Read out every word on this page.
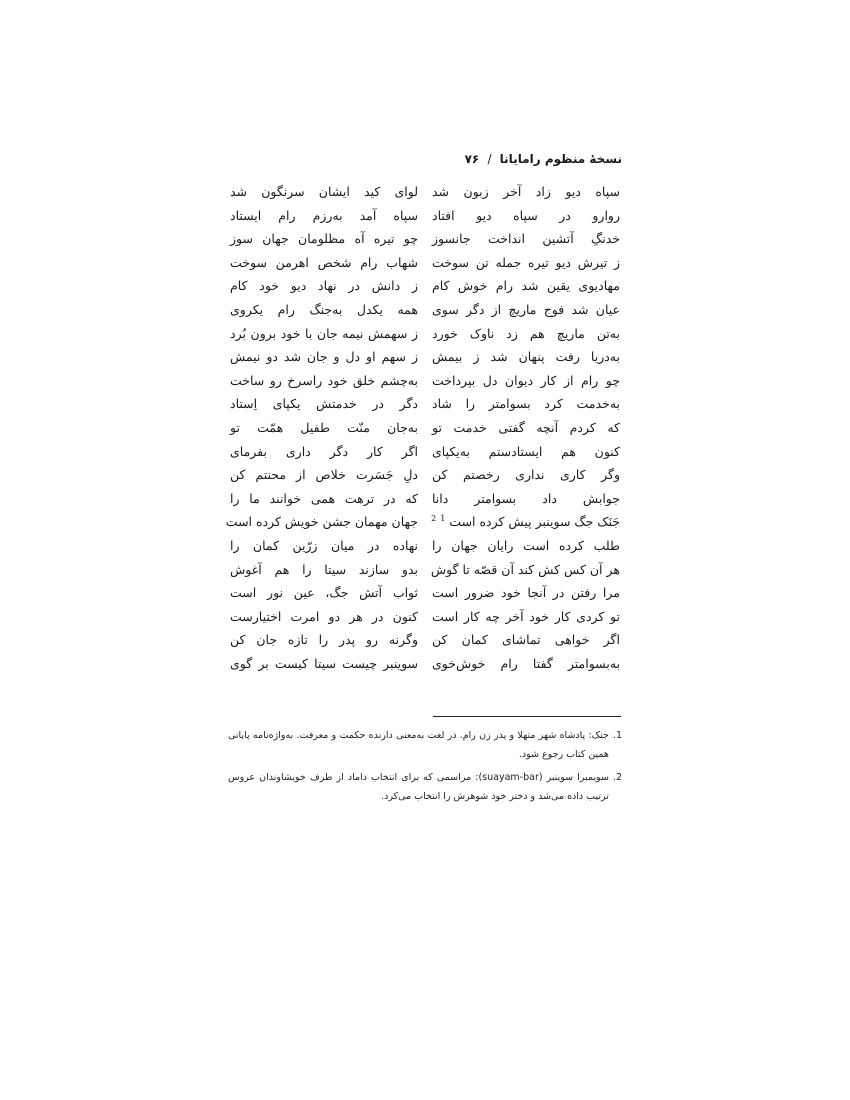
نسخهٔ منظوم رامایانا / ۷۶
سپاه دیو زاد آخر زبون شد
روارو در سپاه دیو افتاد
خدنگِ آتشین انداخت جانسوز
ز تیرش دیو تیره جمله تن سوخت
مهادیوی یقین شد رام خوش کام
عیان شد فوج ماریچ از دگر سوی
به‌تن ماریچ هم زد ناوک خورد
به‌دریا رفت پنهان شد ز بیمش
چو رام از کار دیوان دل بپرداخت
به‌خدمت کرد بسوامتر را شاد
که کردم آنچه گفتی خدمت تو
کنون هم ایستادستم به‌یکپای
وگر کاری نداری رخصتم کن
جوابش داد بسوامتر دانا
جَنَک جگ سوینبر پیش کرده است $^1$ $^2$
طلب کرده است رایان جهان را
هر آن کس کش کند آن قصّه تا گوش
مرا رفتن در آنجا خود ضرور است
تو کردی کار خود آخر چه کار است
اگر خواهی تماشای کمان کن
به‌بسوامتر گفتا رام خوش‌خوی
لوای کید ایشان سرنگون شد
سپاه آمد به‌رزم رام ایستاد
چو تیره آه مظلومان جهان سوز
شهاب رام شخص اهرمن سوخت
ز دانش در نهاد دیو خود کام
همه یکدل به‌جنگ رام یکروی
ز سهمش نیمه جان با خود برون بُرد
ز سهم او دل و جان شد دو نیمش
به‌چشم خلق خود راسرخ رو ساخت
دگر در خدمتش یکپای اِستاد
به‌جان منّت طفیل همّت تو
اگر کار دگر داری بفرمای
دلِ جَسَرت خلاص از محنتم کن
که در ترهت همی خوانند ما را
جهان مهمان جشن خویش کرده است
نهاده در میان زرّین کمان را
بدو سازند سیتا را هم آغوش
ثواب آتش جگ، عین نور است
کنون در هر دو امرت اختیارست
وگرنه رو پدر را تازه جان کن
سوینبر چیست سیتا کیست بر گوی
1.
جنک: پادشاه شهر متهلا و پدر زن رام. در لغت به‌معنی دارنده حکمت و معرفت. به‌واژه‌نامه پایانی همین کتاب رجوع شود.
2.
سویمبرا سوینبر (suayam-bar): مراسمی که برای انتخاب داماد از طرف خویشاوندان عروس ترتیب داده می‌شد و دختر خود شوهرش را انتخاب می‌کرد.
